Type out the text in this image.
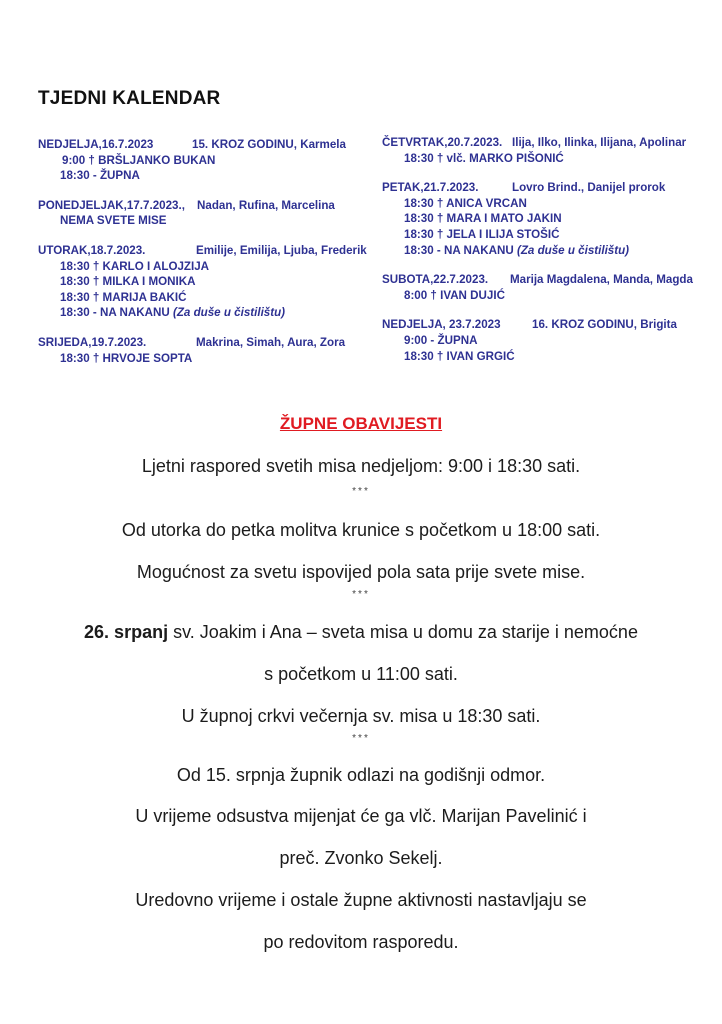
TJEDNI KALENDAR
NEDJELJA,16.7.2023	15. KROZ GODINU, Karmela
9:00 † BRŠLJANKO BUKAN
18:30 - ŽUPNA
PONEDJELJAK,17.7.2023., Nadan, Rufina, Marcelina
NEMA SVETE MISE
UTORAK,18.7.2023.	Emilije, Emilija, Ljuba, Frederik
18:30 † KARLO I ALOJZIJA
18:30 † MILKA I MONIKA
18:30 † MARIJA BAKIĆ
18:30 - NA NAKANU (Za duše u čistilištu)
SRIJEDA,19.7.2023.	Makrina, Simah, Aura, Zora
18:30 † HRVOJE SOPTA
ČETVRTAK,20.7.2023. Ilija, Ilko, Ilinka, Ilijana, Apolinar
18:30 † vlč. MARKO PIŠONIĆ
PETAK,21.7.2023.	Lovro Brind., Danijel prorok
18:30 † ANICA VRCAN
18:30 † MARA I MATO JAKIN
18:30 † JELA I ILIJA STOŠIĆ
18:30 - NA NAKANU (Za duše u čistilištu)
SUBOTA,22.7.2023. Marija Magdalena, Manda, Magda
8:00 † IVAN DUJIĆ
NEDJELJA, 23.7.2023	16. KROZ GODINU, Brigita
9:00 - ŽUPNA
18:30 † IVAN GRGIĆ
ŽUPNE OBAVIJESTI
Ljetni raspored svetih misa nedjeljom: 9:00 i 18:30 sati.
***
Od utorka do petka molitva krunice s početkom u 18:00 sati.
Mogućnost za svetu ispovijed pola sata prije svete mise.
***
26. srpanj sv. Joakim i Ana – sveta misa u domu za starije i nemoćne
s početkom u 11:00 sati.
U župnoj crkvi večernja sv. misa u 18:30 sati.
***
Od 15. srpnja župnik odlazi na godišnji odmor.
U vrijeme odsustva mijenjat će ga vlč. Marijan Pavelinić i
preč. Zvonko Sekelj.
Uredovno vrijeme i ostale župne aktivnosti nastavljaju se
po redovitom rasporedu.
